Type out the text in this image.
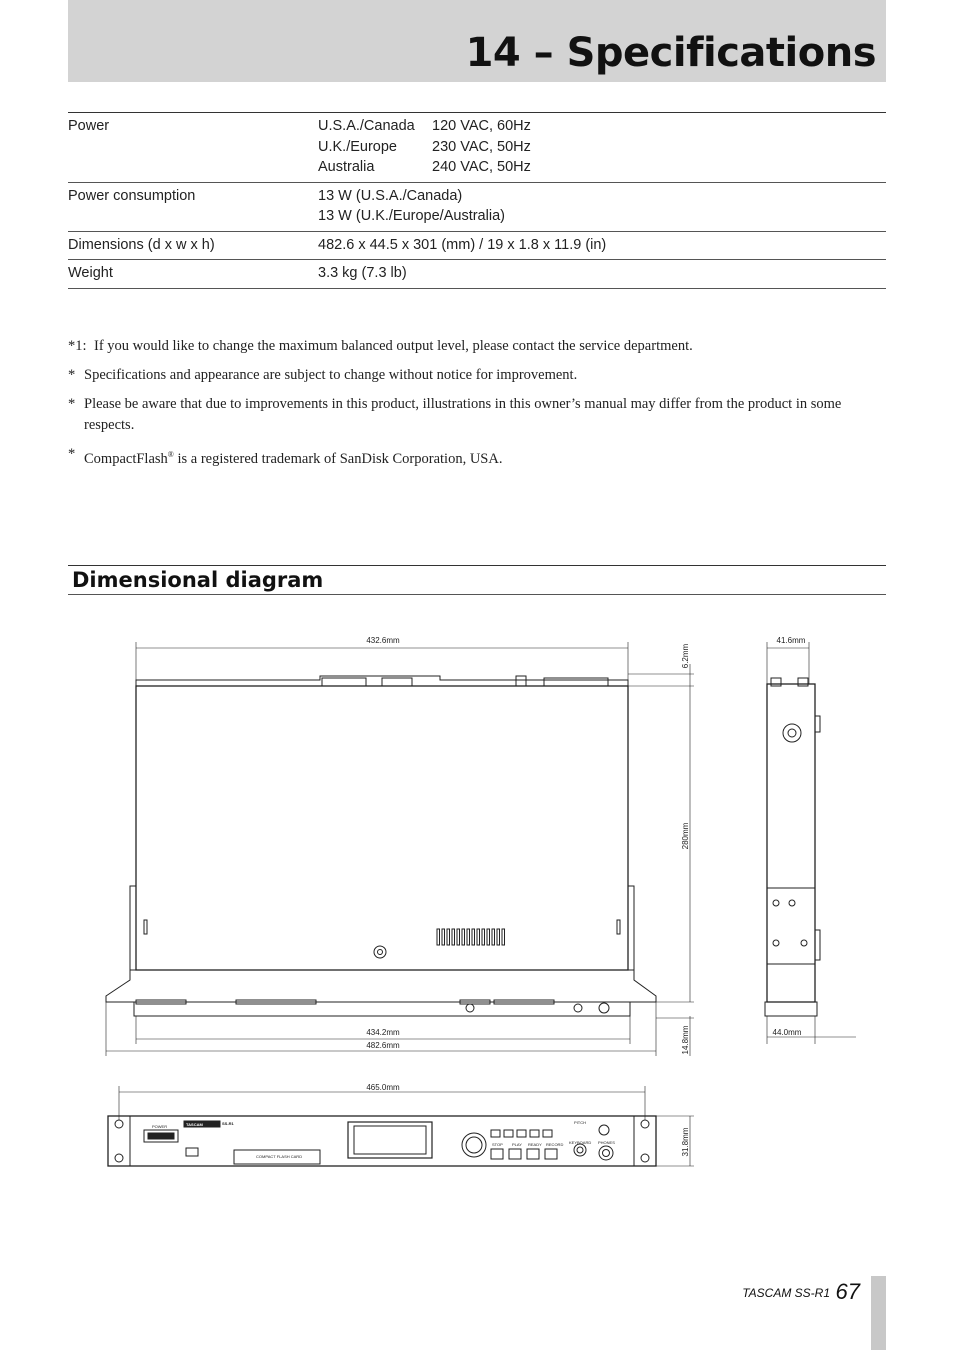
14 – Specifications
Power	U.S.A./Canada	120 VAC, 60Hz
U.K./Europe	230 VAC, 50Hz
Australia	240 VAC, 50Hz
Power consumption	13 W (U.S.A./Canada)
13 W (U.K./Europe/Australia)
Dimensions (d x w x h)	482.6 x 44.5 x 301 (mm) / 19 x 1.8 x 11.9 (in)
Weight	3.3 kg (7.3 lb)
*1: If you would like to change the maximum balanced output level, please contact the service department.
* Specifications and appearance are subject to change without notice for improvement.
* Please be aware that due to improvements in this product, illustrations in this owner’s manual may differ from the product in some respects.
* CompactFlash® is a registered trademark of SanDisk Corporation, USA.
Dimensional diagram
432.6mm
6.2mm
280mm
434.2mm
482.6mm	14.8mm
41.6mm
44.0mm
465.0mm
31.8mm
TASCAM	SS-R1
POWER
COMPACT FLASH CARD
PITCH
PHONES
KEYBOARD
STOP PLAY READY RECORD
TASCAM SS-R1 67
